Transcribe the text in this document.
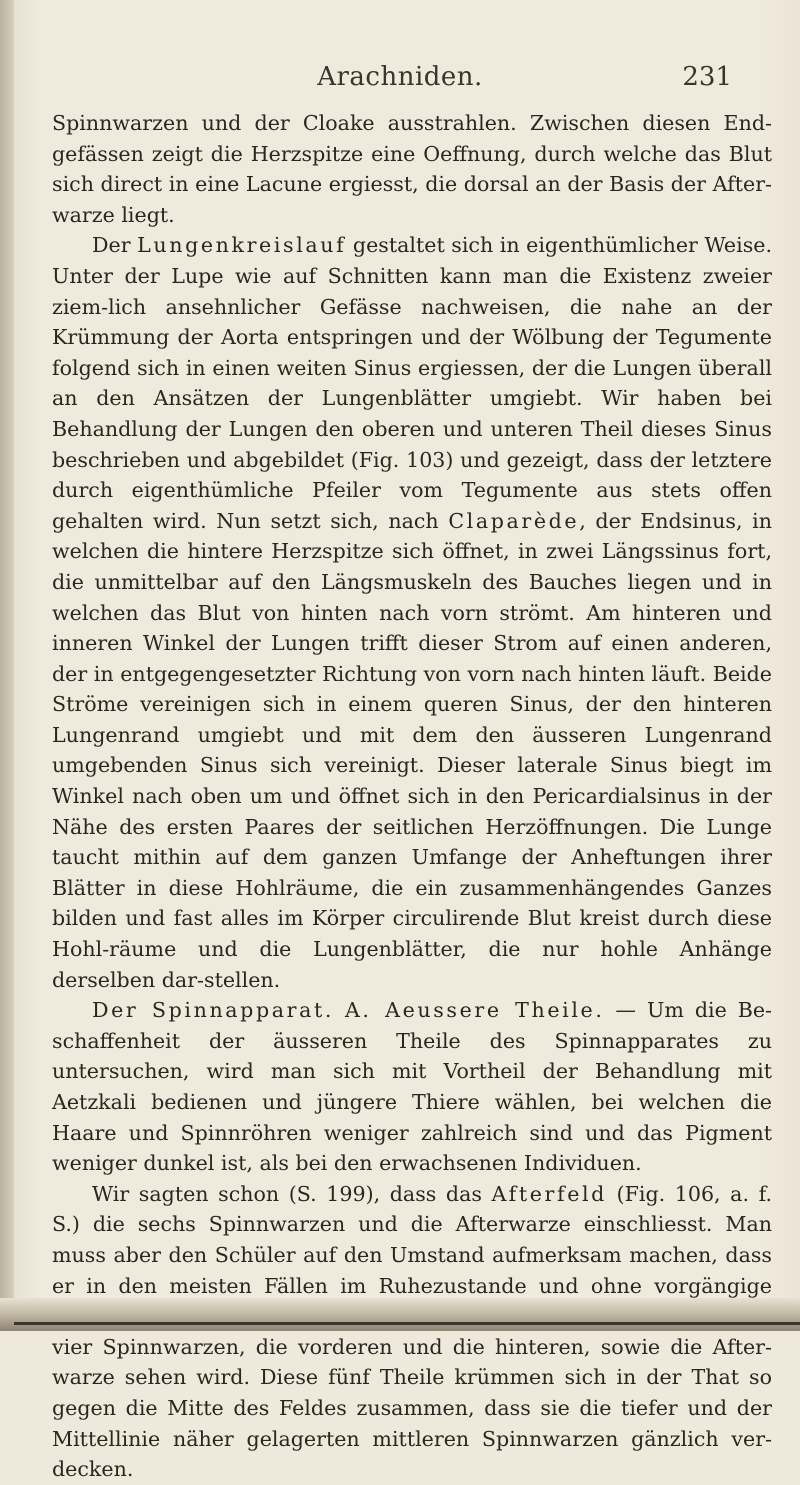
Arachniden.	231

Spinnwarzen und der Cloake ausstrahlen. Zwischen diesen End-gefässen zeigt die Herzspitze eine Oeffnung, durch welche das Blut sich direct in eine Lacune ergiesst, die dorsal an der Basis der After-warze liegt.

Der Lungenkreislauf gestaltet sich in eigenthümlicher Weise. Unter der Lupe wie auf Schnitten kann man die Existenz zweier ziem-lich ansehnlicher Gefässe nachweisen, die nahe an der Krümmung der Aorta entspringen und der Wölbung der Tegumente folgend sich in einen weiten Sinus ergiessen, der die Lungen überall an den Ansätzen der Lungenblätter umgiebt. Wir haben bei Behandlung der Lungen den oberen und unteren Theil dieses Sinus beschrieben und abgebildet (Fig. 103) und gezeigt, dass der letztere durch eigenthümliche Pfeiler vom Tegumente aus stets offen gehalten wird. Nun setzt sich, nach Claparède, der Endsinus, in welchen die hintere Herzspitze sich öffnet, in zwei Längssinus fort, die unmittelbar auf den Längsmuskeln des Bauches liegen und in welchen das Blut von hinten nach vorn strömt. Am hinteren und inneren Winkel der Lungen trifft dieser Strom auf einen anderen, der in entgegengesetzter Richtung von vorn nach hinten läuft. Beide Ströme vereinigen sich in einem queren Sinus, der den hinteren Lungenrand umgiebt und mit dem den äusseren Lungenrand umgebenden Sinus sich vereinigt. Dieser laterale Sinus biegt im Winkel nach oben um und öffnet sich in den Pericardialsinus in der Nähe des ersten Paares der seitlichen Herzöffnungen. Die Lunge taucht mithin auf dem ganzen Umfange der Anheftungen ihrer Blätter in diese Hohlräume, die ein zusammenhängendes Ganzes bilden und fast alles im Körper circulirende Blut kreist durch diese Hohl-räume und die Lungenblätter, die nur hohle Anhänge derselben dar-stellen.

Der Spinnapparat. A. Aeussere Theile. — Um die Be-schaffenheit der äusseren Theile des Spinnapparates zu untersuchen, wird man sich mit Vortheil der Behandlung mit Aetzkali bedienen und jüngere Thiere wählen, bei welchen die Haare und Spinnröhren weniger zahlreich sind und das Pigment weniger dunkel ist, als bei den erwachsenen Individuen.

Wir sagten schon (S. 199), dass das Afterfeld (Fig. 106, a. f. S.) die sechs Spinnwarzen und die Afterwarze einschliesst. Man muss aber den Schüler auf den Umstand aufmerksam machen, dass er in den meisten Fällen im Ruhezustande und ohne vorgängige vier Spinnwarzen, die vorderen und die hinteren, sowie die After-warze sehen wird. Diese fünf Theile krümmen sich in der That so gegen die Mitte des Feldes zusammen, dass sie die tiefer und der Mittellinie näher gelagerten mittleren Spinnwarzen gänzlich ver-decken.
